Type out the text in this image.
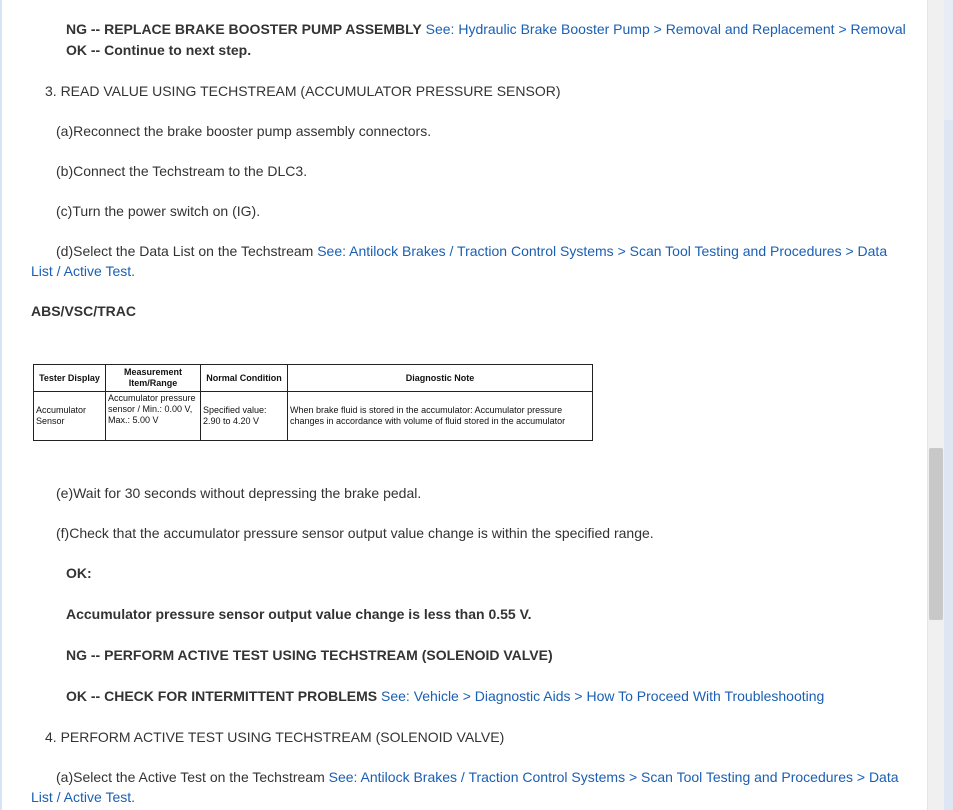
NG -- REPLACE BRAKE BOOSTER PUMP ASSEMBLY See: Hydraulic Brake Booster Pump > Removal and Replacement > Removal
OK -- Continue to next step.
3. READ VALUE USING TECHSTREAM (ACCUMULATOR PRESSURE SENSOR)
(a)Reconnect the brake booster pump assembly connectors.
(b)Connect the Techstream to the DLC3.
(c)Turn the power switch on (IG).
(d)Select the Data List on the Techstream See: Antilock Brakes / Traction Control Systems > Scan Tool Testing and Procedures > Data
List / Active Test.
ABS/VSC/TRAC
Tester Display	Measurement Item/Range	Normal Condition	Diagnostic Note
Accumulator Sensor	Accumulator pressure sensor / Min.: 0.00 V, Max.: 5.00 V	Specified value: 2.90 to 4.20 V	When brake fluid is stored in the accumulator: Accumulator pressure changes in accordance with volume of fluid stored in the accumulator
(e)Wait for 30 seconds without depressing the brake pedal.
(f)Check that the accumulator pressure sensor output value change is within the specified range.
OK:
Accumulator pressure sensor output value change is less than 0.55 V.
NG -- PERFORM ACTIVE TEST USING TECHSTREAM (SOLENOID VALVE)
OK -- CHECK FOR INTERMITTENT PROBLEMS See: Vehicle > Diagnostic Aids > How To Proceed With Troubleshooting
4. PERFORM ACTIVE TEST USING TECHSTREAM (SOLENOID VALVE)
(a)Select the Active Test on the Techstream See: Antilock Brakes / Traction Control Systems > Scan Tool Testing and Procedures > Data
List / Active Test.
